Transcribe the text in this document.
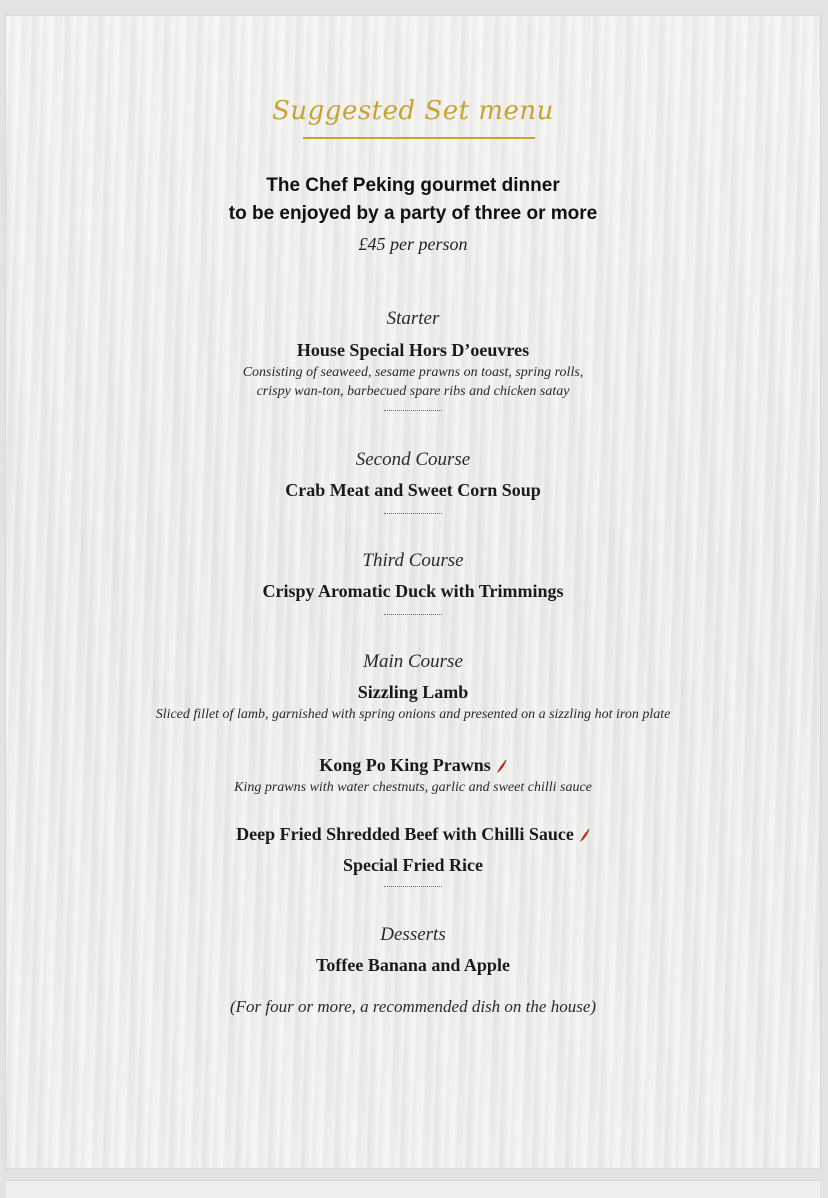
Suggested Set menu
The Chef Peking gourmet dinner
to be enjoyed by a party of three or more
£45 per person
Starter
House Special Hors D’oeuvres
Consisting of seaweed, sesame prawns on toast, spring rolls,
crispy wan-ton, barbecued spare ribs and chicken satay
Second Course
Crab Meat and Sweet Corn Soup
Third Course
Crispy Aromatic Duck with Trimmings
Main Course
Sizzling Lamb
Sliced fillet of lamb, garnished with spring onions and presented on a sizzling hot iron plate
Kong Po King Prawns
King prawns with water chestnuts, garlic and sweet chilli sauce
Deep Fried Shredded Beef with Chilli Sauce
Special Fried Rice
Desserts
Toffee Banana and Apple
(For four or more, a recommended dish on the house)
